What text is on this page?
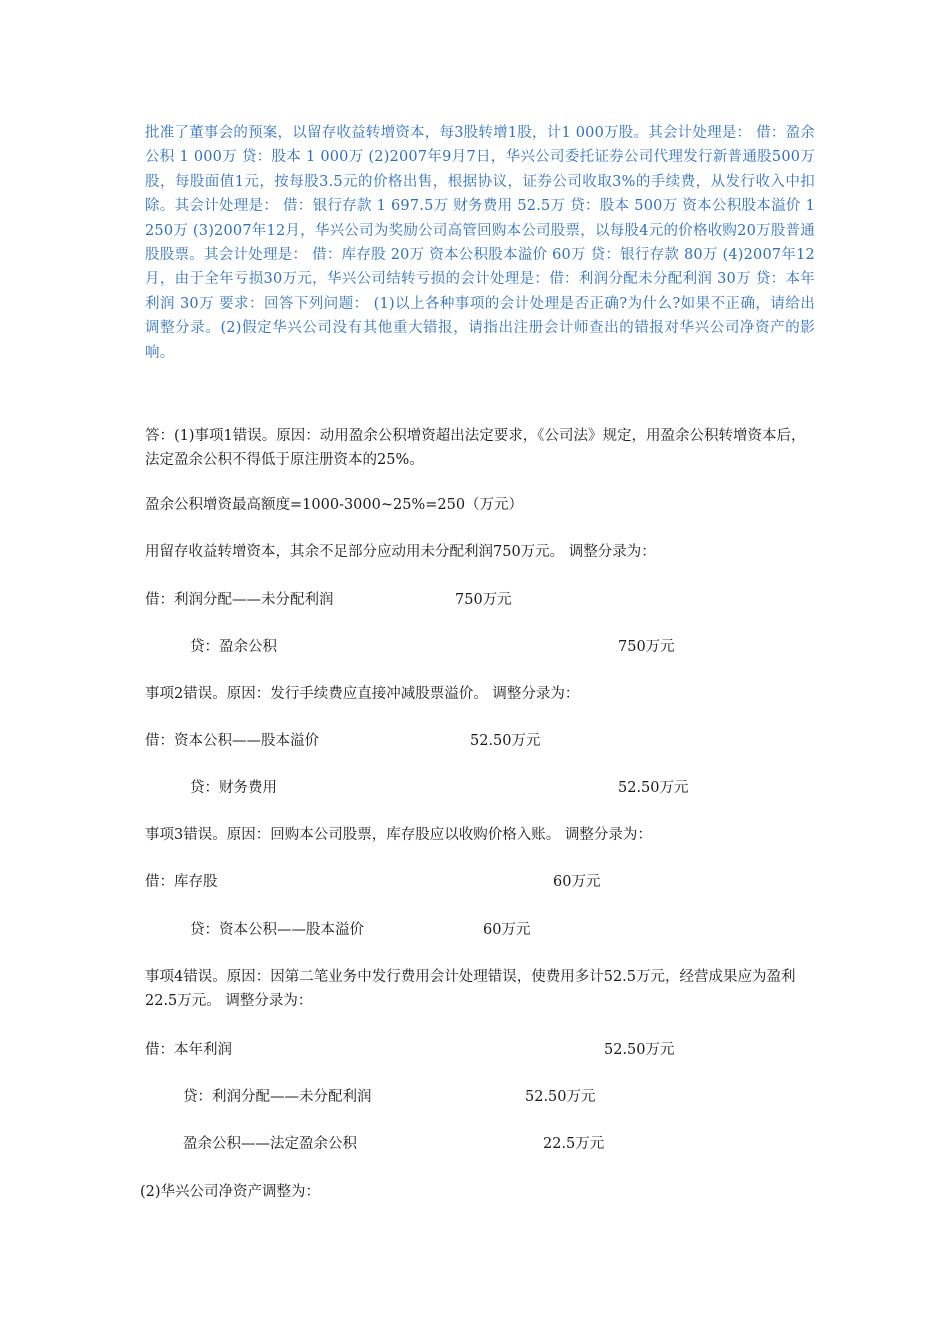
批准了董事会的预案，以留存收益转增资本，每3股转增1股，计1 000万股。其会计处理是： 借：盈余公积 1 000万 贷：股本 1 000万 (2)2007年9月7日，华兴公司委托证券公司代理发行新普通股500万股，每股面值1元，按每股3.5元的价格出售，根据协议，证券公司收取3%的手续费，从发行收入中扣除。其会计处理是： 借：银行存款 1 697.5万 财务费用 52.5万 贷：股本 500万 资本公积股本溢价 1 250万 (3)2007年12月，华兴公司为奖励公司高管回购本公司股票，以每股4元的价格收购20万股普通股股票。其会计处理是： 借：库存股 20万 资本公积股本溢价 60万 贷：银行存款 80万 (4)2007年12月，由于全年亏损30万元，华兴公司结转亏损的会计处理是：借：利润分配未分配利润 30万 贷：本年利润 30万 要求：回答下列问题： (1)以上各种事项的会计处理是否正确?为什么?如果不正确，请给出调整分录。(2)假定华兴公司没有其他重大错报，请指出注册会计师查出的错报对华兴公司净资产的影响。
答：(1)事项1错误。原因：动用盈余公积增资超出法定要求，《公司法》规定，用盈余公积转增资本后，法定盈余公积不得低于原注册资本的25%。
盈余公积增资最高额度=1000-3000~25%=250（万元）
用留存收益转增资本，其余不足部分应动用未分配利润750万元。 调整分录为：
借：利润分配——未分配利润	750万元
贷：盈余公积	750万元
事项2错误。原因：发行手续费应直接冲减股票溢价。 调整分录为：
借：资本公积——股本溢价	52.50万元
贷：财务费用	52.50万元
事项3错误。原因：回购本公司股票，库存股应以收购价格入账。 调整分录为：
借：库存股	60万元
贷：资本公积——股本溢价	60万元
事项4错误。原因：因第二笔业务中发行费用会计处理错误，使费用多计52.5万元，经营成果应为盈利22.5万元。 调整分录为：
借：本年利润	52.50万元
贷：利润分配——未分配利润	52.50万元
盈余公积——法定盈余公积	22.5万元
(2)华兴公司净资产调整为：
